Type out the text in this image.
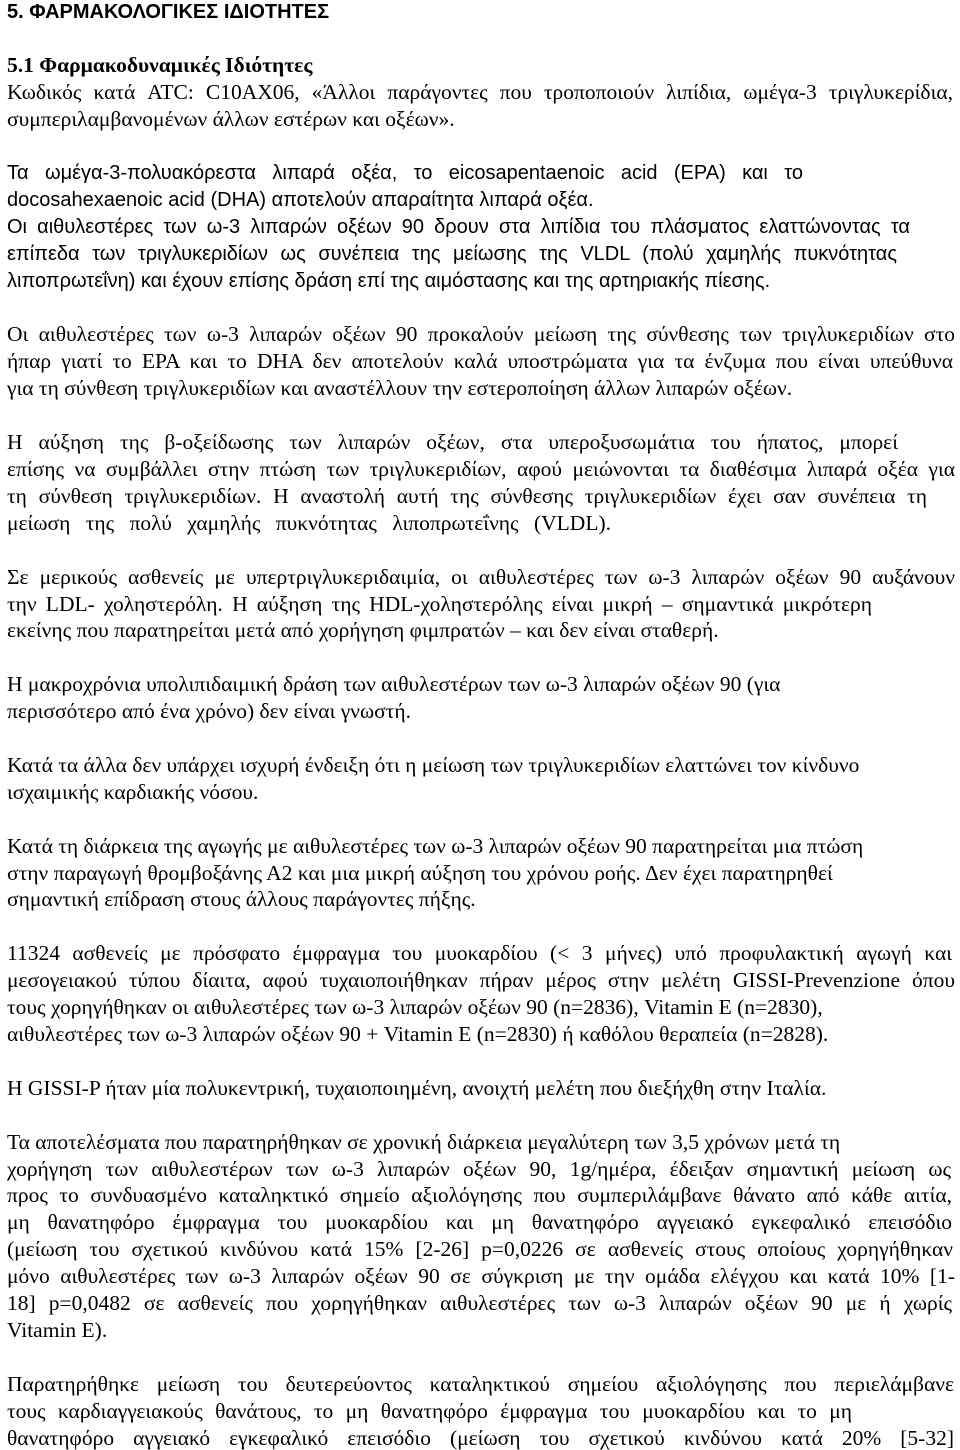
5. ΦΑΡΜΑΚΟΛΟΓΙΚΕΣ ΙΔΙΟΤΗΤΕΣ
5.1 Φαρμακοδυναμικές Ιδιότητες
Κωδικός κατά ATC: C10AX06, «Άλλοι παράγοντες που τροποποιούν λιπίδια, ωμέγα-3 τριγλυκερίδια,
συμπεριλαμβανομένων άλλων εστέρων και οξέων».
Τα ωμέγα-3-πολυακόρεστα λιπαρά οξέα, το eicosapentaenoic acid (EPA) και το
docosahexaenoic acid (DHA) αποτελούν απαραίτητα λιπαρά οξέα.
Οι αιθυλεστέρες των ω-3 λιπαρών οξέων 90 δρουν στα λιπίδια του πλάσματος ελαττώνοντας τα
επίπεδα των τριγλυκεριδίων ως συνέπεια της μείωσης της VLDL (πολύ χαμηλής πυκνότητας
λιποπρωτεΐνη) και έχουν επίσης δράση επί της αιμόστασης και της αρτηριακής πίεσης.
Οι αιθυλεστέρες των ω-3 λιπαρών οξέων 90 προκαλούν μείωση της σύνθεσης των τριγλυκεριδίων στο
ήπαρ γιατί το EPA και το DHA δεν αποτελούν καλά υποστρώματα για τα ένζυμα που είναι υπεύθυνα
για τη σύνθεση τριγλυκεριδίων και αναστέλλουν την εστεροποίηση άλλων λιπαρών οξέων.
Η αύξηση της β-οξείδωσης των λιπαρών οξέων, στα υπεροξυσωμάτια του ήπατος, μπορεί
επίσης να συμβάλλει στην πτώση των τριγλυκεριδίων, αφού μειώνονται τα διαθέσιμα λιπαρά οξέα για
τη σύνθεση τριγλυκεριδίων. Η αναστολή αυτή της σύνθεσης τριγλυκεριδίων έχει σαν συνέπεια τη
μείωση της πολύ χαμηλής πυκνότητας λιποπρωτεΐνης (VLDL).
Σε μερικούς ασθενείς με υπερτριγλυκεριδαιμία, οι αιθυλεστέρες των ω-3 λιπαρών οξέων 90 αυξάνουν
την LDL- χοληστερόλη. Η αύξηση της HDL-χοληστερόλης είναι μικρή – σημαντικά μικρότερη
εκείνης που παρατηρείται μετά από χορήγηση φιμπρατών – και δεν είναι σταθερή.
Η μακροχρόνια υπολιπιδαιμική δράση των αιθυλεστέρων των ω-3 λιπαρών οξέων 90 (για
περισσότερο από ένα χρόνο) δεν είναι γνωστή.
Κατά τα άλλα δεν υπάρχει ισχυρή ένδειξη ότι η μείωση των τριγλυκεριδίων ελαττώνει τον κίνδυνο
ισχαιμικής καρδιακής νόσου.
Κατά τη διάρκεια της αγωγής με αιθυλεστέρες των ω-3 λιπαρών οξέων 90 παρατηρείται μια πτώση
στην παραγωγή θρομβοξάνης Α2 και μια μικρή αύξηση του χρόνου ροής. Δεν έχει παρατηρηθεί
σημαντική επίδραση στους άλλους παράγοντες πήξης.
11324 ασθενείς με πρόσφατο έμφραγμα του μυοκαρδίου (< 3 μήνες) υπό προφυλακτική αγωγή και
μεσογειακού τύπου δίαιτα, αφού τυχαιοποιήθηκαν πήραν μέρος στην μελέτη GISSI-Prevenzione όπου
τους χορηγήθηκαν οι αιθυλεστέρες των ω-3 λιπαρών οξέων 90 (n=2836), Vitamin E (n=2830),
αιθυλεστέρες των ω-3 λιπαρών οξέων 90 + Vitamin E (n=2830) ή καθόλου θεραπεία (n=2828).
Η GISSI-P ήταν μία πολυκεντρική, τυχαιοποιημένη, ανοιχτή μελέτη που διεξήχθη στην Ιταλία.
Τα αποτελέσματα που παρατηρήθηκαν σε χρονική διάρκεια μεγαλύτερη των 3,5 χρόνων μετά τη
χορήγηση των αιθυλεστέρων των ω-3 λιπαρών οξέων 90, 1g/ημέρα, έδειξαν σημαντική μείωση ως
προς το συνδυασμένο καταληκτικό σημείο αξιολόγησης που συμπεριλάμβανε θάνατο από κάθε αιτία,
μη θανατηφόρο έμφραγμα του μυοκαρδίου και μη θανατηφόρο αγγειακό εγκεφαλικό επεισόδιο
(μείωση του σχετικού κινδύνου κατά 15% [2-26] p=0,0226 σε ασθενείς στους οποίους χορηγήθηκαν
μόνο αιθυλεστέρες των ω-3 λιπαρών οξέων 90 σε σύγκριση με την ομάδα ελέγχου και κατά 10% [1-
18] p=0,0482 σε ασθενείς που χορηγήθηκαν αιθυλεστέρες των ω-3 λιπαρών οξέων 90 με ή χωρίς
Vitamin E).
Παρατηρήθηκε μείωση του δευτερεύοντος καταληκτικού σημείου αξιολόγησης που περιελάμβανε
τους καρδιαγγειακούς θανάτους, το μη θανατηφόρο έμφραγμα του μυοκαρδίου και το μη
θανατηφόρο αγγειακό εγκεφαλικό επεισόδιο (μείωση του σχετικού κινδύνου κατά 20% [5-32]
